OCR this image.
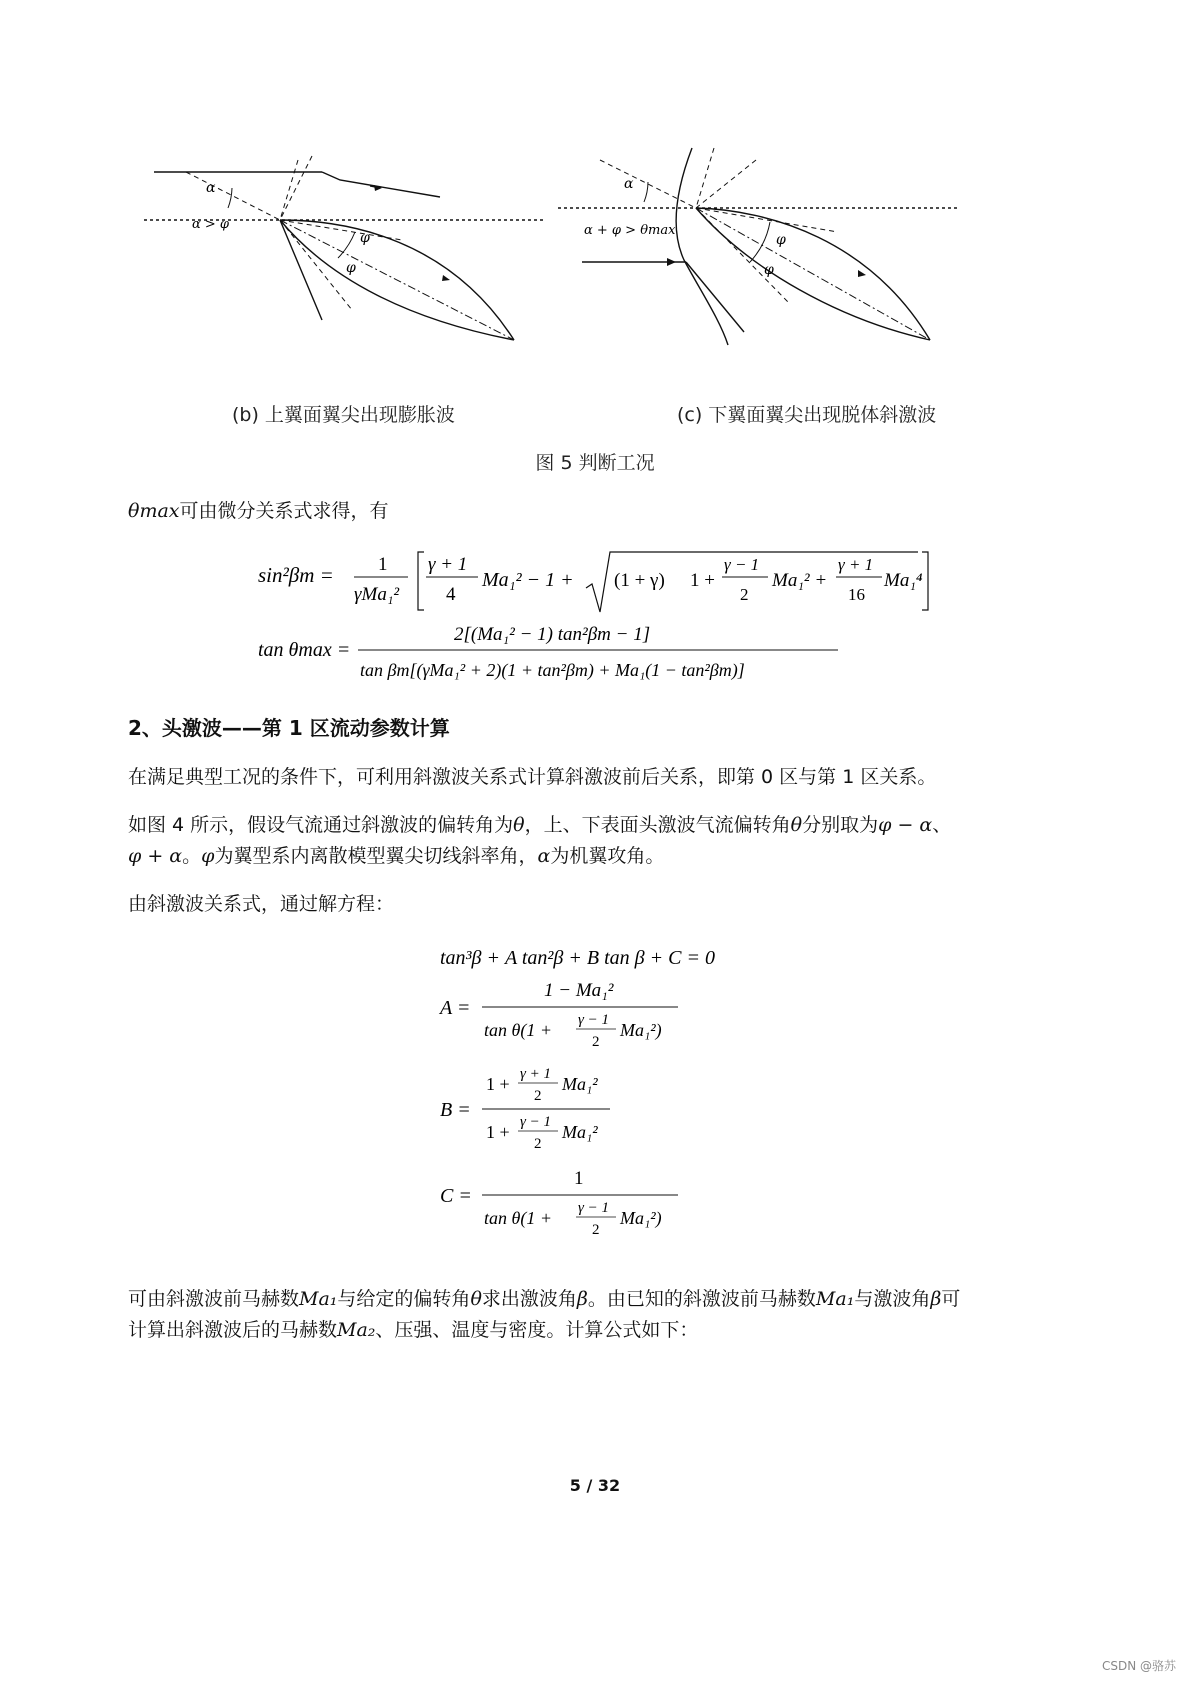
α
α > φ
φ
φ
α
α + φ > θmax
φ
φ
(b) 上翼面翼尖出现膨胀波	(c) 下翼面翼尖出现脱体斜激波
图 5 判断工况
θmax可由微分关系式求得，有
sin²βm = 1
γMa₁²
γ + 1
4
Ma₁² − 1 + (1 + γ) 1 +
γ − 1
2
Ma₁² +
γ + 1
16
Ma₁⁴
tan θmax =
2[(Ma₁² − 1) tan²βm − 1]
tan βm[(γMa₁² + 2)(1 + tan²βm) + Ma₁(1 − tan²βm)]
2、头激波——第 1 区流动参数计算
在满足典型工况的条件下，可利用斜激波关系式计算斜激波前后关系，即第 0 区与第 1 区关系。
如图 4 所示，假设气流通过斜激波的偏转角为θ，上、下表面头激波气流偏转角θ分别取为φ − α、
φ + α。φ为翼型系内离散模型翼尖切线斜率角，α为机翼攻角。
由斜激波关系式，通过解方程：
tan³β + A tan²β + B tan β + C = 0
A =
1 − Ma₁²
tan θ(1 + γ − 1
2
Ma₁²)
B =
1 + γ + 1
2
Ma₁²
1 + γ − 1
2
Ma₁²
C =
1
tan θ(1 + γ − 1
2
Ma₁²)
可由斜激波前马赫数Ma₁与给定的偏转角θ求出激波角β。由已知的斜激波前马赫数Ma₁与激波角β可
计算出斜激波后的马赫数Ma₂、压强、温度与密度。计算公式如下：
5 / 32
CSDN @骆苏
